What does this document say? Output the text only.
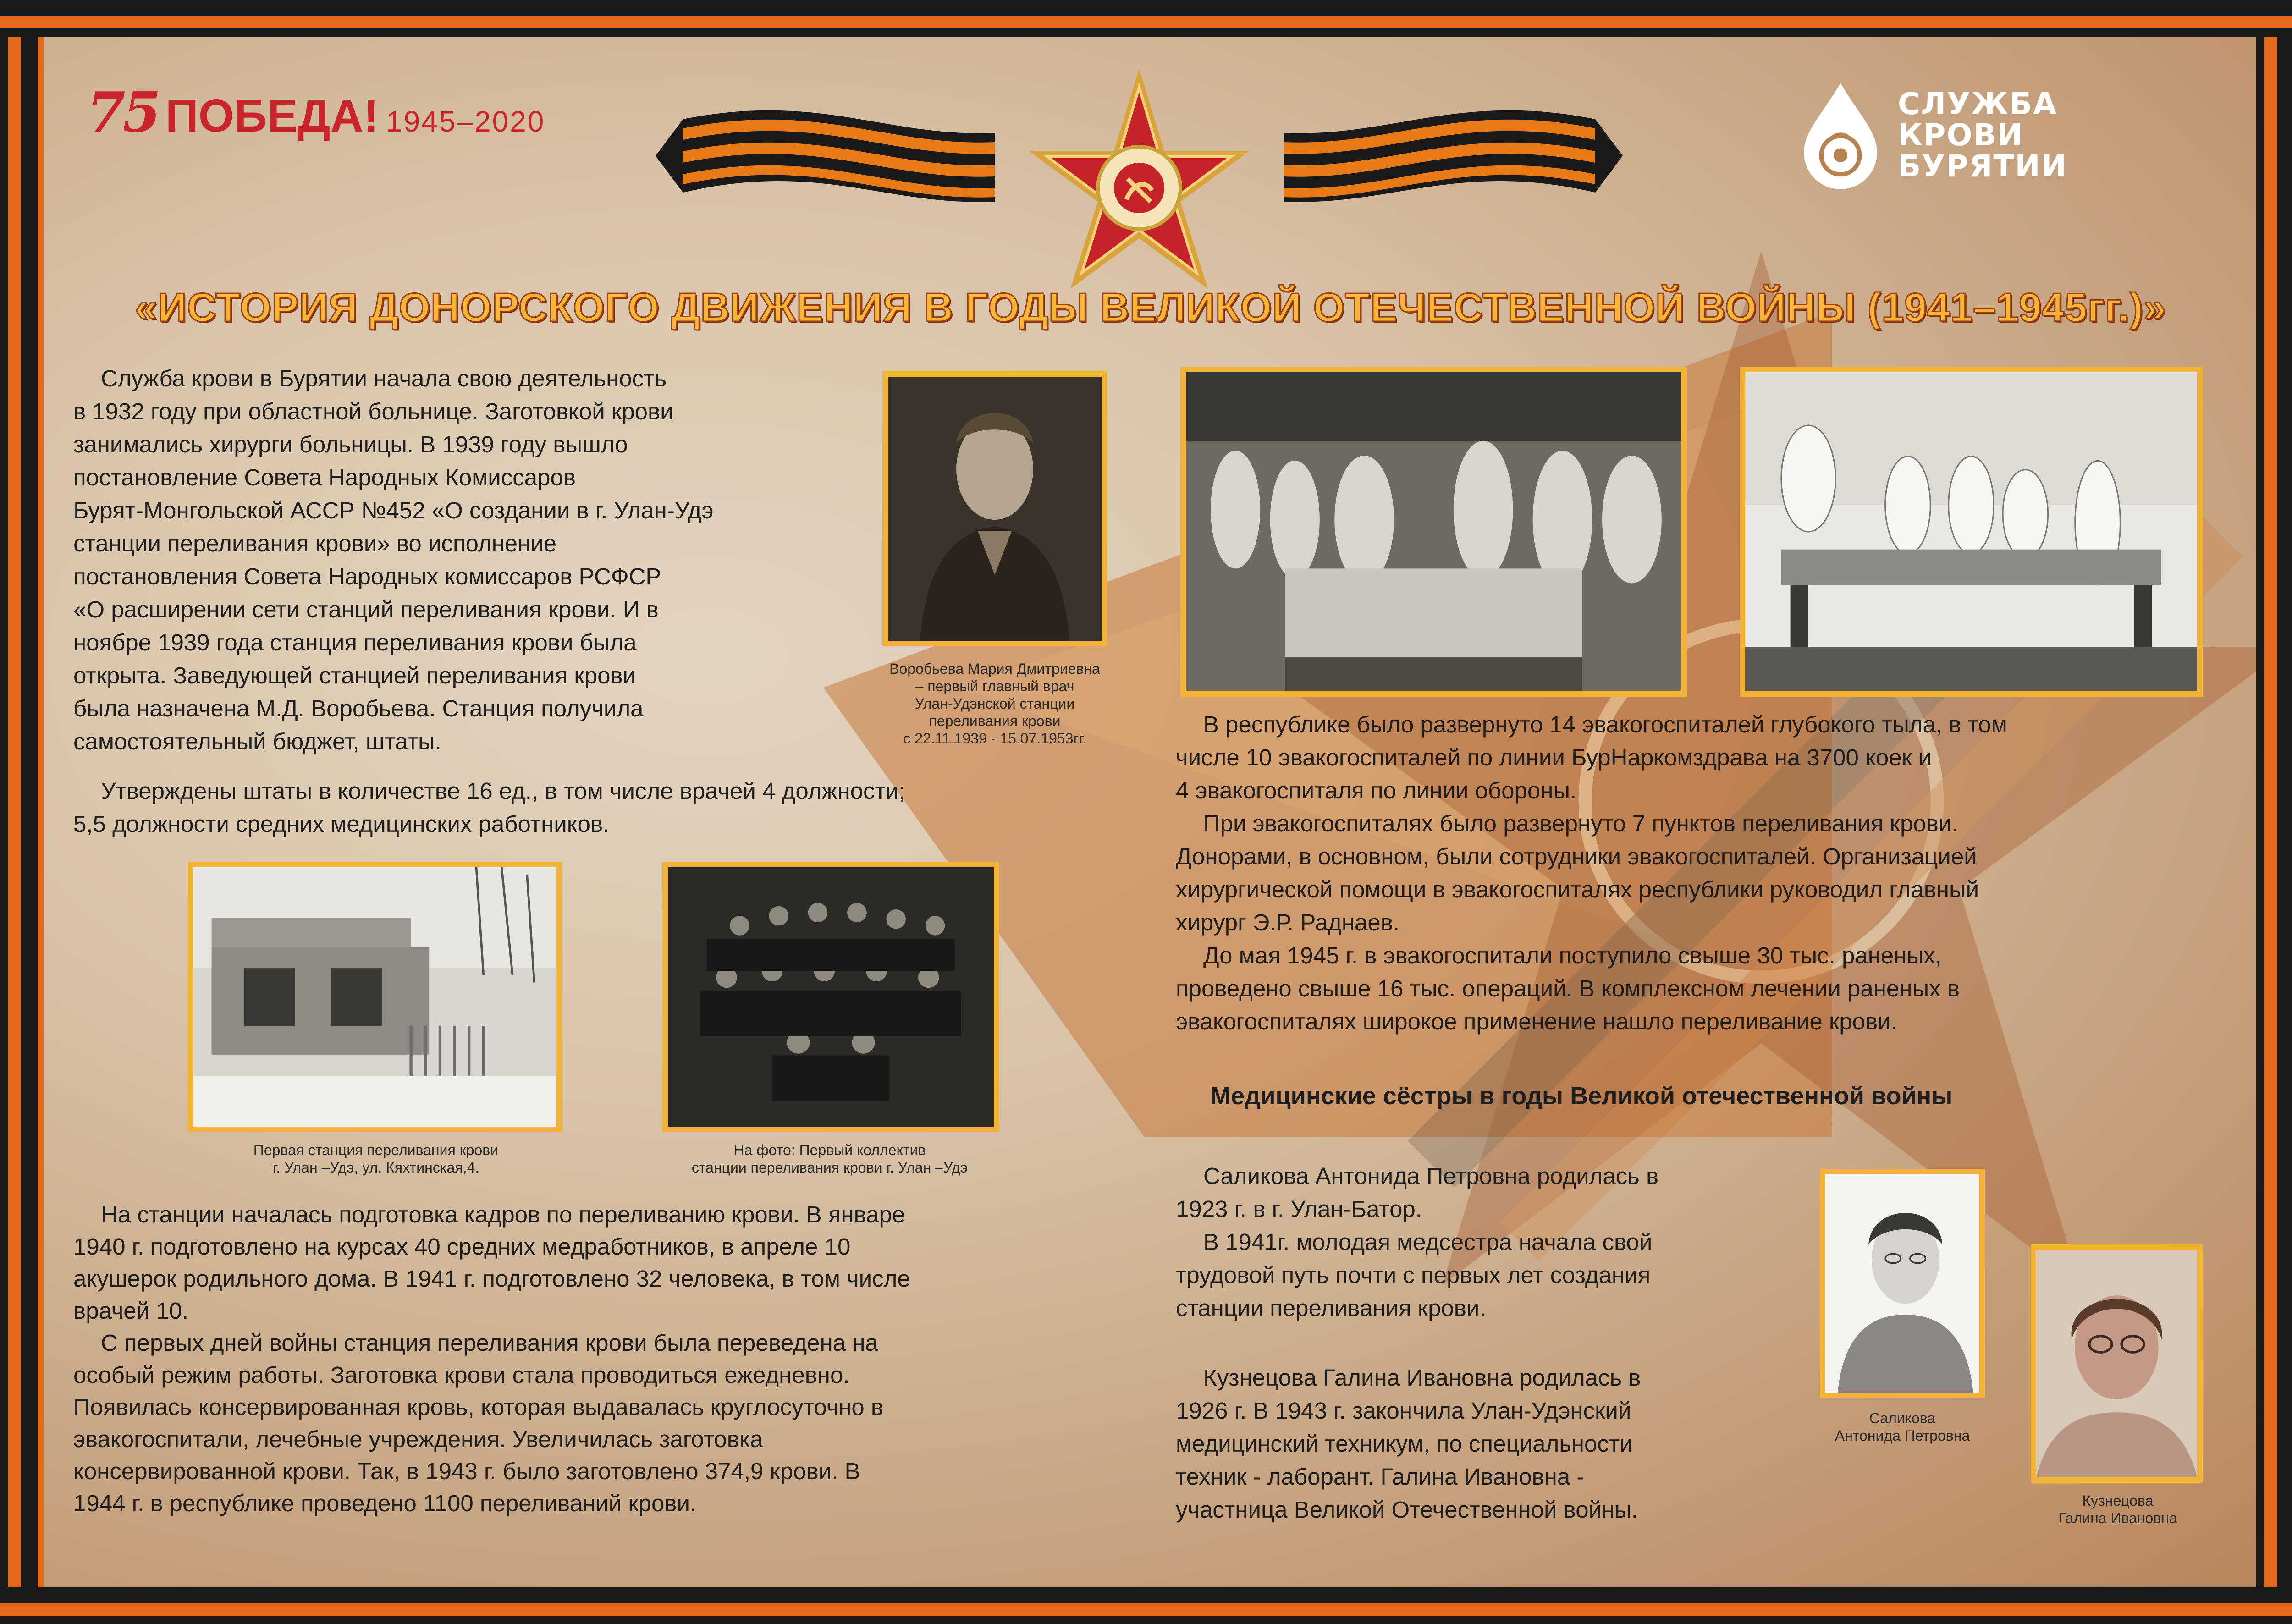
75 ПОБЕДА! 1945–2020	СЛУЖБА
КРОВИ
БУРЯТИИ
«ИСТОРИЯ ДОНОРСКОГО ДВИЖЕНИЯ В ГОДЫ ВЕЛИКОЙ ОТЕЧЕСТВЕННОЙ ВОЙНЫ (1941–1945гг.)»
Служба крови в Бурятии начала свою деятельность
в 1932 году при областной больнице. Заготовкой крови
занимались хирурги больницы. В 1939 году вышло
постановление Совета Народных Комиссаров
Бурят-Монгольской АССР №452 «О создании в г. Улан-Удэ
станции переливания крови» во исполнение
постановления Совета Народных комиссаров РСФСР
«О расширении сети станций переливания крови. И в
ноябре 1939 года станция переливания крови была
открыта. Заведующей станцией переливания крови
была назначена М.Д. Воробьева. Станция получила
самостоятельный бюджет, штаты.
Утверждены штаты в количестве 16 ед., в том числе врачей 4 должности;
5,5 должности средних медицинских работников.
Воробьева Мария Дмитриевна
– первый главный врач
Улан-Удэнской станции
переливания крови
с 22.11.1939 - 15.07.1953гг.
Первая станция переливания крови
г. Улан –Удэ, ул. Кяхтинская,4.
На фото: Первый коллектив
станции переливания крови г. Улан –Удэ
На станции началась подготовка кадров по переливанию крови. В январе
1940 г. подготовлено на курсах 40 средних медработников, в апреле 10
акушерок родильного дома. В 1941 г. подготовлено 32 человека, в том числе
врачей 10.
С первых дней войны станция переливания крови была переведена на
особый режим работы. Заготовка крови стала проводиться ежедневно.
Появилась консервированная кровь, которая выдавалась круглосуточно в
эвакогоспитали, лечебные учреждения. Увеличилась заготовка
консервированной крови. Так, в 1943 г. было заготовлено 374,9 крови. В
1944 г. в республике проведено 1100 переливаний крови.
В республике было развернуто 14 эвакогоспиталей глубокого тыла, в том
числе 10 эвакогоспиталей по линии БурНаркомздрава на 3700 коек и
4 эвакогоспиталя по линии обороны.
При эвакогоспиталях было развернуто 7 пунктов переливания крови.
Донорами, в основном, были сотрудники эвакогоспиталей. Организацией
хирургической помощи в эвакогоспиталях республики руководил главный
хирург Э.Р. Раднаев.
До мая 1945 г. в эвакогоспитали поступило свыше 30 тыс. раненых,
проведено свыше 16 тыс. операций. В комплексном лечении раненых в
эвакогоспиталях широкое применение нашло переливание крови.
Медицинские сёстры в годы Великой отечественной войны
Саликова Антонида Петровна родилась в
1923 г. в г. Улан-Батор.
В 1941г. молодая медсестра начала свой
трудовой путь почти с первых лет создания
станции переливания крови.
Кузнецова Галина Ивановна родилась в
1926 г. В 1943 г. закончила Улан-Удэнский
медицинский техникум, по специальности
техник - лаборант. Галина Ивановна -
участница Великой Отечественной войны.
Саликова
Антонида Петровна
Кузнецова
Галина Ивановна
